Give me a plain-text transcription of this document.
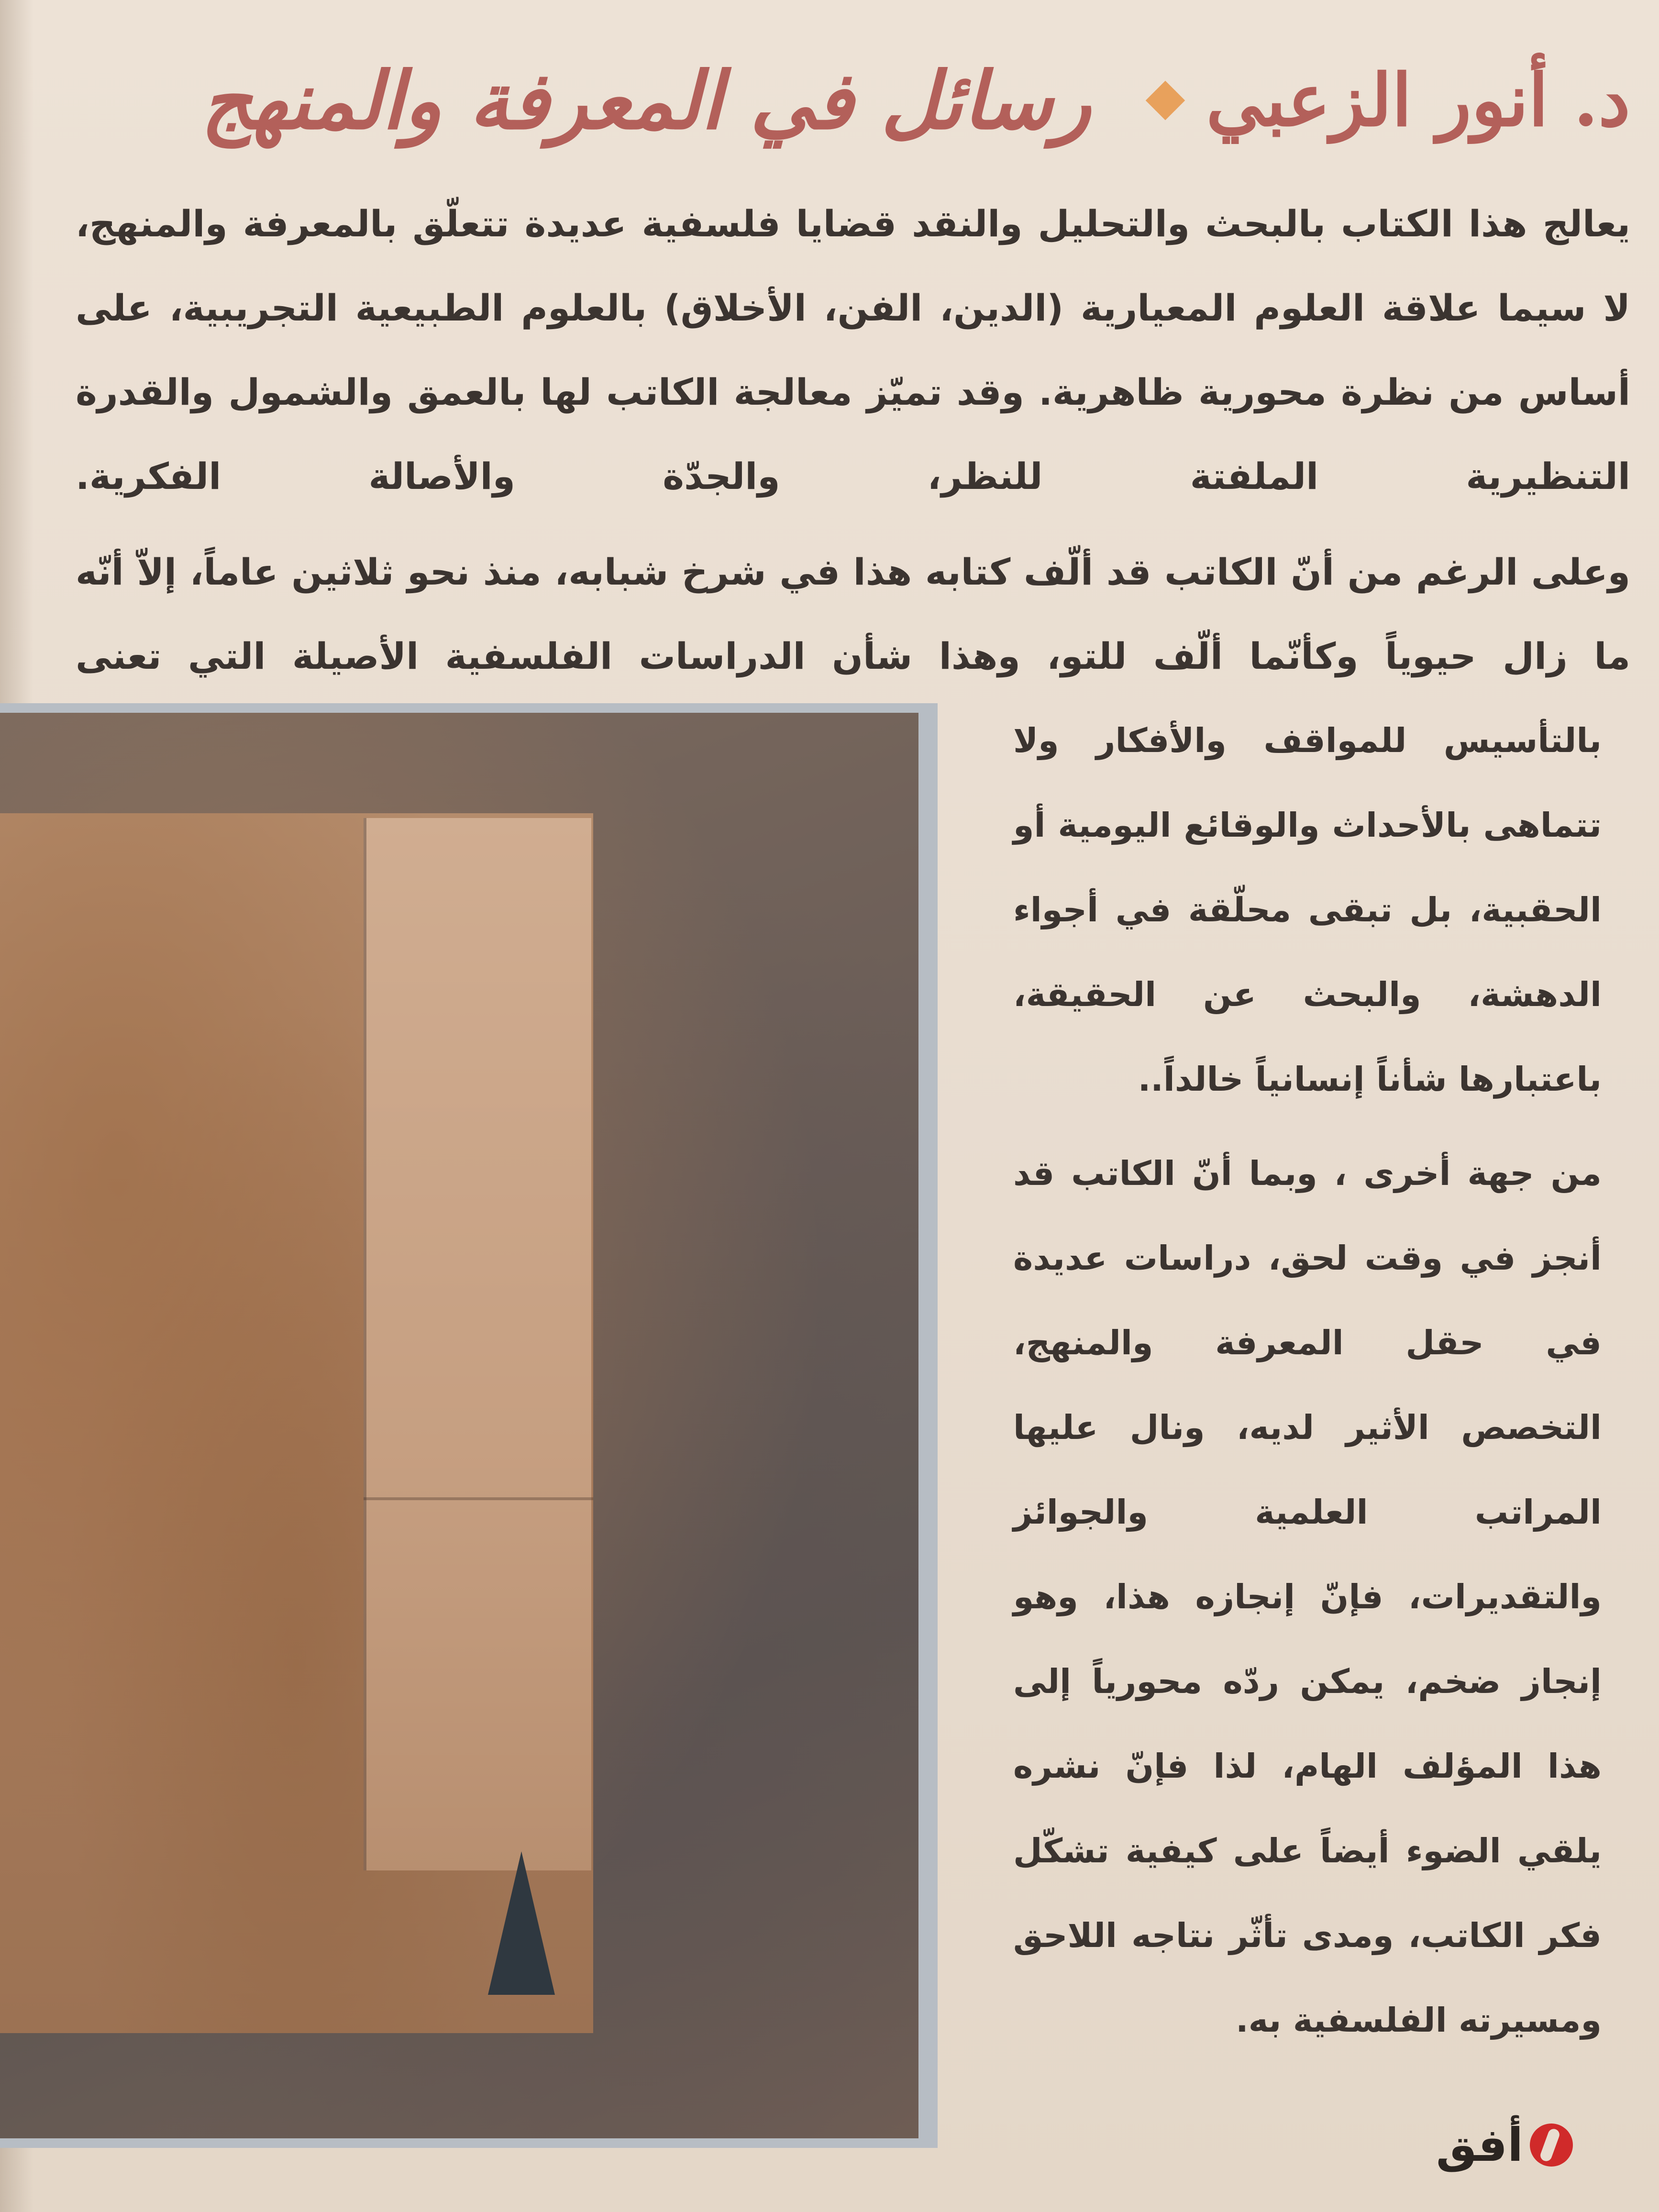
د. أنور الزعبي
رسائل في المعرفة والمنهج

يعالج هذا الكتاب بالبحث والتحليل والنقد قضايا فلسفية عديدة تتعلّق بالمعرفة والمنهج، لا سيما علاقة العلوم المعيارية (الدين، الفن، الأخلاق) بالعلوم الطبيعية التجريبية، على أساس من نظرة محورية ظاهرية. وقد تميّز معالجة الكاتب لها بالعمق والشمول والقدرة التنظيرية الملفتة للنظر، والجدّة والأصالة الفكرية.

وعلى الرغم من أنّ الكاتب قد ألّف كتابه هذا في شرخ شبابه، منذ نحو ثلاثين عاماً، إلاّ أنّه ما زال حيوياً وكأنّما ألّف للتو، وهذا شأن الدراسات الفلسفية الأصيلة التي تعنى

بالتأسيس للمواقف والأفكار ولا تتماهى بالأحداث والوقائع اليومية أو الحقبية، بل تبقى محلّقة في أجواء الدهشة، والبحث عن الحقيقة، باعتبارها شأناً إنسانياً خالداً..

من جهة أخرى ، وبما أنّ الكاتب قد أنجز في وقت لحق، دراسات عديدة في حقل المعرفة والمنهج، التخصص الأثير لديه، ونال عليها المراتب العلمية والجوائز والتقديرات، فإنّ إنجازه هذا، وهو إنجاز ضخم، يمكن ردّه محورياً إلى هذا المؤلف الهام، لذا فإنّ نشره يلقي الضوء أيضاً على كيفية تشكّل فكر الكاتب، ومدى تأثّر نتاجه اللاحق ومسيرته الفلسفية به.

أفق
